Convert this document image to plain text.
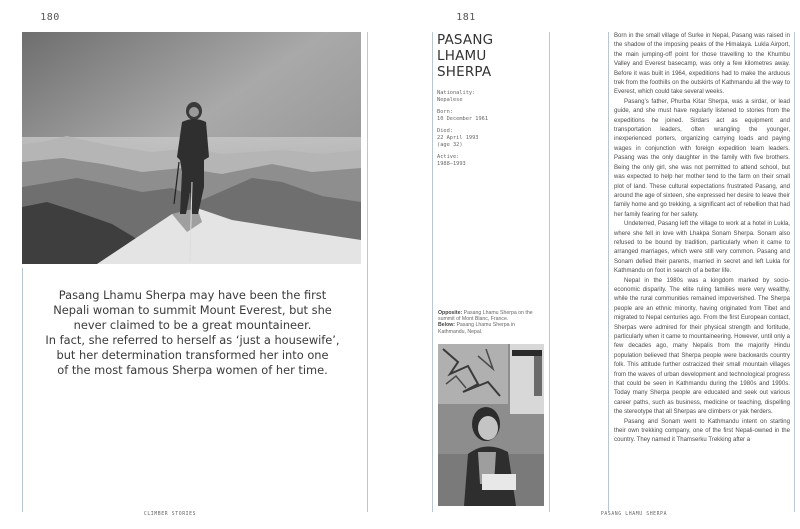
180
Pasang Lhamu Sherpa may have been the first
Nepali woman to summit Mount Everest, but she
never claimed to be a great mountaineer.
In fact, she referred to herself as ‘just a housewife’,
but her determination transformed her into one
of the most famous Sherpa women of her time.
CLIMBER STORIES
181
PASANG LHAMU
SHERPA
Nationality:
Nepalese
Born:
10 December 1961
Died:
22 April 1993
(age 32)
Active:
1988–1993
Opposite: Pasang Lhamu Sherpa on the summit of Mont Blanc, France.
Below: Pasang Lhamu Sherpa in Kathmandu, Nepal.

Born in the small village of Surke in Nepal, Pasang was raised in the shadow of the imposing peaks of the Himalaya. Lukla Airport, the main jumping-off point for those travelling to the Khumbu Valley and Everest basecamp, was only a few kilometres away. Before it was built in 1964, expeditions had to make the arduous trek from the foothills on the outskirts of Kathmandu all the way to Everest, which could take several weeks.

Pasang’s father, Phurba Kitar Sherpa, was a sirdar, or lead guide, and she must have regularly listened to stories from the expeditions he joined. Sirdars act as equipment and transportation leaders, often wrangling the younger, inexperienced porters, organizing carrying loads and paying wages in conjunction with foreign expedition team leaders. Pasang was the only daughter in the family with five brothers. Being the only girl, she was not permitted to attend school, but was expected to help her mother tend to the farm on their small plot of land. These cultural expectations frustrated Pasang, and around the age of sixteen, she expressed her desire to leave their family home and go trekking, a significant act of rebellion that had her family fearing for her safety.

Undeterred, Pasang left the village to work at a hotel in Lukla, where she fell in love with Lhakpa Sonam Sherpa. Sonam also refused to be bound by tradition, particularly when it came to arranged marriages, which were still very common. Pasang and Sonam defied their parents, married in secret and left Lukla for Kathmandu on foot in search of a better life.

Nepal in the 1980s was a kingdom marked by socio-economic disparity. The elite ruling families were very wealthy, while the rural communities remained impoverished. The Sherpa people are an ethnic minority, having originated from Tibet and migrated to Nepal centuries ago. From the first European contact, Sherpas were admired for their physical strength and fortitude, particularly when it came to mountaineering. However, until only a few decades ago, many Nepalis from the majority Hindu population believed that Sherpa people were backwards country folk. This attitude further ostracized their small mountain villages from the waves of urban development and technological progress that could be seen in Kathmandu during the 1980s and 1990s. Today many Sherpa people are educated and seek out various career paths, such as business, medicine or teaching, dispelling the stereotype that all Sherpas are climbers or yak herders.

Pasang and Sonam went to Kathmandu intent on starting their own trekking company, one of the first Nepali-owned in the country. They named it Thamserku Trekking after a

PASANG LHAMU SHERPA
